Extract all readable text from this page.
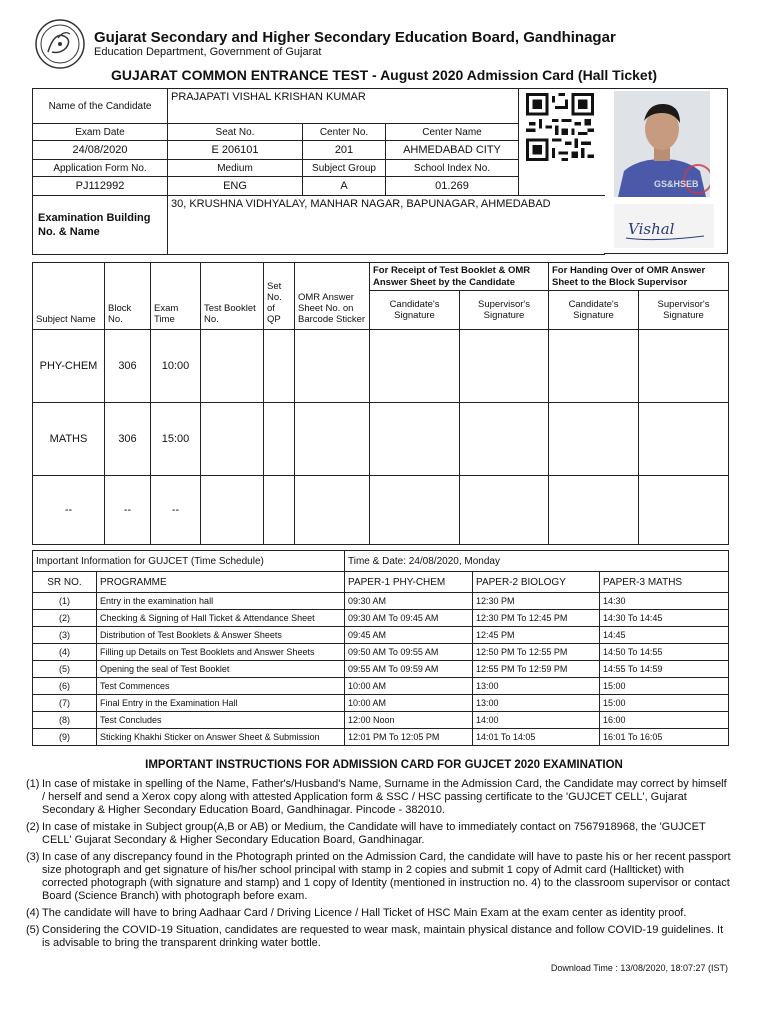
Gujarat Secondary and Higher Secondary Education Board, Gandhinagar
Education Department, Government of Gujarat
GUJARAT COMMON ENTRANCE TEST - August 2020 Admission Card (Hall Ticket)
Name of the Candidate	PRAJAPATI VISHAL KRISHAN KUMAR			
Exam Date	Seat No.	Center No.	Center Name	
24/08/2020	E 206101	201	AHMEDABAD CITY	
Application Form No.	Medium	Subject Group	School Index No.	
PJ112992	ENG	A	01.269	
Examination Building No. & Name	30, KRUSHNA VIDHYALAY, MANHAR NAGAR, BAPUNAGAR, AHMEDABAD			
GS&HSEB
Vishal
Subject Name	Block No.	Exam Time	Test Booklet No.	Set No. of QP	OMR Answer Sheet No. on Barcode Sticker	For Receipt of Test Booklet & OMR Answer Sheet by the Candidate		For Handing Over of OMR Answer Sheet to the Block Supervisor	
						Candidate's Signature	Supervisor's Signature	Candidate's Signature	Supervisor's Signature
PHY-CHEM	306	10:00							
MATHS	306	15:00							
--	--	--							
Important Information for GUJCET (Time Schedule)		Time & Date: 24/08/2020, Monday		
SR NO.	PROGRAMME	PAPER-1 PHY-CHEM	PAPER-2 BIOLOGY	PAPER-3 MATHS
(1)	Entry in the examination hall	09:30 AM	12:30 PM	14:30
(2)	Checking & Signing of Hall Ticket & Attendance Sheet	09:30 AM To 09:45 AM	12:30 PM To 12:45 PM	14:30 To 14:45
(3)	Distribution of Test Booklets & Answer Sheets	09:45 AM	12:45 PM	14:45
(4)	Filling up Details on Test Booklets and Answer Sheets	09:50 AM To 09:55 AM	12:50 PM To 12:55 PM	14:50 To 14:55
(5)	Opening the seal of Test Booklet	09:55 AM To 09:59 AM	12:55 PM To 12:59 PM	14:55 To 14:59
(6)	Test Commences	10:00 AM	13:00	15:00
(7)	Final Entry in the Examination Hall	10:00 AM	13:00	15:00
(8)	Test Concludes	12:00 Noon	14:00	16:00
(9)	Sticking Khakhi Sticker on Answer Sheet & Submission	12:01 PM To 12:05 PM	14:01 To 14:05	16:01 To 16:05
IMPORTANT INSTRUCTIONS FOR ADMISSION CARD FOR GUJCET 2020 EXAMINATION
(1) In case of mistake in spelling of the Name, Father's/Husband's Name, Surname in the Admission Card, the Candidate may correct by himself / herself and send a Xerox copy along with attested Application form & SSC / HSC passing certificate to the 'GUJCET CELL', Gujarat Secondary & Higher Secondary Education Board, Gandhinagar. Pincode - 382010.
(2) In case of mistake in Subject group(A,B or AB) or Medium, the Candidate will have to immediately contact on 7567918968, the 'GUJCET CELL' Gujarat Secondary & Higher Secondary Education Board, Gandhinagar.
(3) In case of any discrepancy found in the Photograph printed on the Admission Card, the candidate will have to paste his or her recent passport size photograph and get signature of his/her school principal with stamp in 2 copies and submit 1 copy of Admit card (Hallticket) with corrected photograph (with signature and stamp) and 1 copy of Identity (mentioned in instruction no. 4) to the classroom supervisor or contact Board (Science Branch) with photograph before exam.
(4) The candidate will have to bring Aadhaar Card / Driving Licence / Hall Ticket of HSC Main Exam at the exam center as identity proof.
(5) Considering the COVID-19 Situation, candidates are requested to wear mask, maintain physical distance and follow COVID-19 guidelines. It is advisable to bring the transparent drinking water bottle.
Download Time : 13/08/2020, 18:07:27 (IST)
